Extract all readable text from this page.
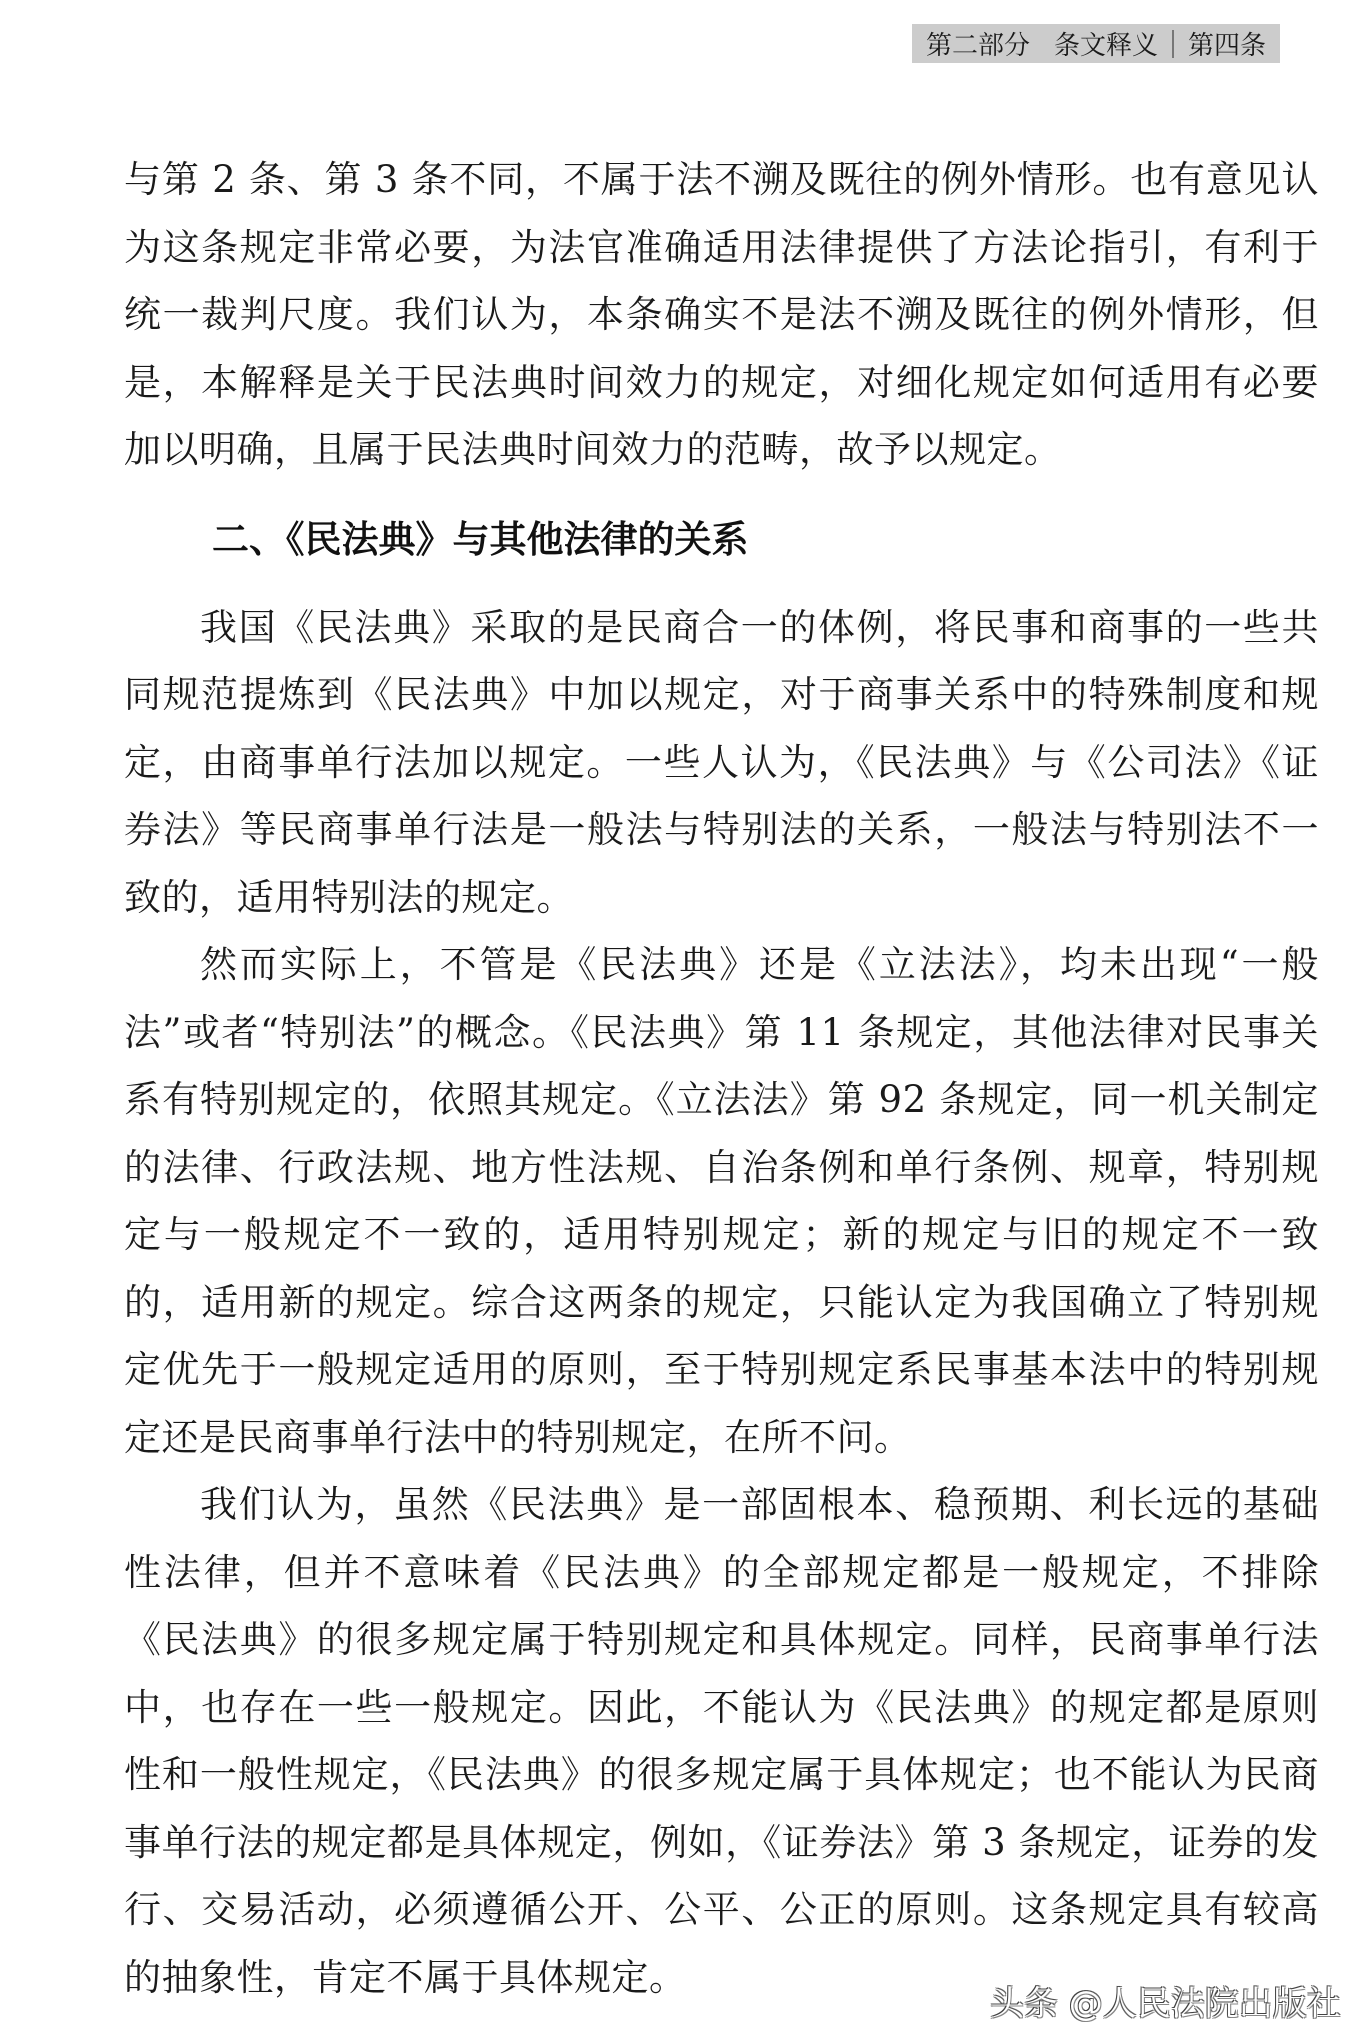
第二部分 条文释义 第四条

与第 2 条、第 3 条不同，不属于法不溯及既往的例外情形。也有意见认为这条规定非常必要，为法官准确适用法律提供了方法论指引，有利于统一裁判尺度。我们认为，本条确实不是法不溯及既往的例外情形，但是，本解释是关于民法典时间效力的规定，对细化规定如何适用有必要加以明确，且属于民法典时间效力的范畴，故予以规定。

二、《民法典》与其他法律的关系

我国《民法典》采取的是民商合一的体例，将民事和商事的一些共同规范提炼到《民法典》中加以规定，对于商事关系中的特殊制度和规定，由商事单行法加以规定。一些人认为，《民法典》与《公司法》《证券法》等民商事单行法是一般法与特别法的关系，一般法与特别法不一致的，适用特别法的规定。

然而实际上，不管是《民法典》还是《立法法》，均未出现“一般法”或者“特别法”的概念。《民法典》第 11 条规定，其他法律对民事关系有特别规定的，依照其规定。《立法法》第 92 条规定，同一机关制定的法律、行政法规、地方性法规、自治条例和单行条例、规章，特别规定与一般规定不一致的，适用特别规定；新的规定与旧的规定不一致的，适用新的规定。综合这两条的规定，只能认定为我国确立了特别规定优先于一般规定适用的原则，至于特别规定系民事基本法中的特别规定还是民商事单行法中的特别规定，在所不问。

我们认为，虽然《民法典》是一部固根本、稳预期、利长远的基础性法律，但并不意味着《民法典》的全部规定都是一般规定，不排除《民法典》的很多规定属于特别规定和具体规定。同样，民商事单行法中，也存在一些一般规定。因此，不能认为《民法典》的规定都是原则性和一般性规定，《民法典》的很多规定属于具体规定；也不能认为民商事单行法的规定都是具体规定，例如，《证券法》第 3 条规定，证券的发行、交易活动，必须遵循公开、公平、公正的原则。这条规定具有较高的抽象性，肯定不属于具体规定。

头条 @人民法院出版社
